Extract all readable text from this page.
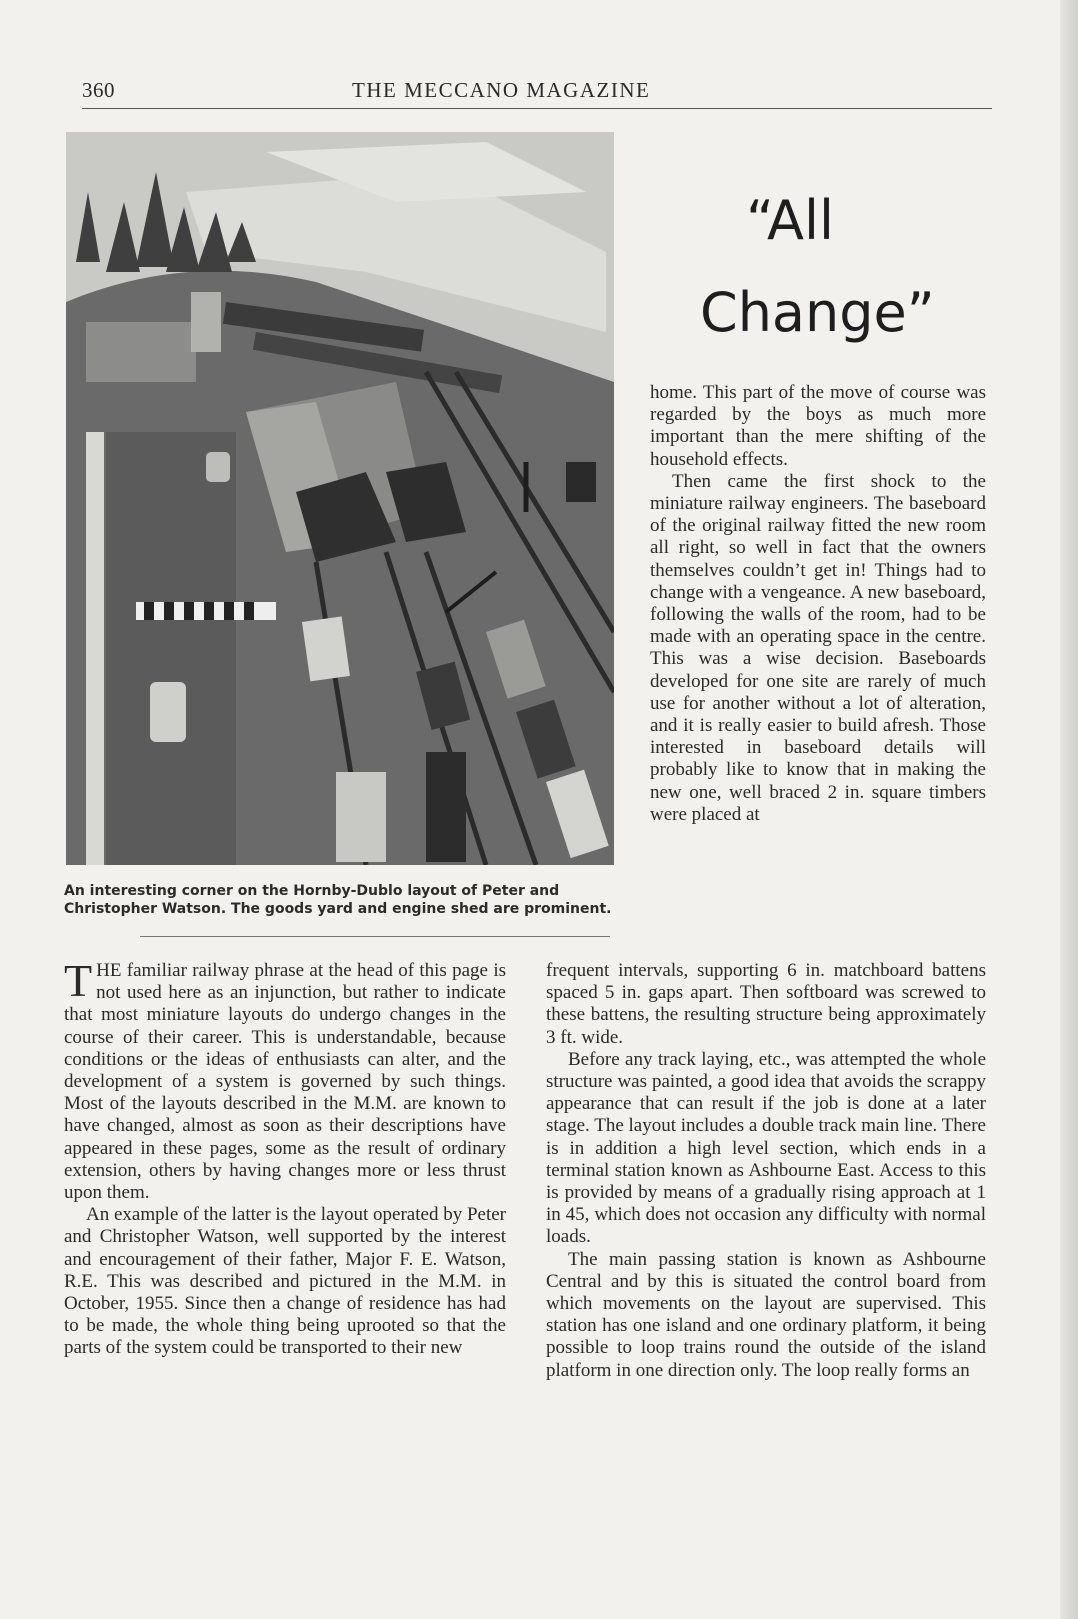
360	THE MECCANO MAGAZINE
An interesting corner on the Hornby-Dublo layout of Peter and Christopher Watson. The goods yard and engine shed are prominent.
“All
Change”

home. This part of the move of course was regarded by the boys as much more important than the mere shifting of the household effects.

Then came the first shock to the miniature railway engineers. The baseboard of the original railway fitted the new room all right, so well in fact that the owners themselves couldn’t get in! Things had to change with a vengeance. A new baseboard, following the walls of the room, had to be made with an operating space in the centre. This was a wise decision. Baseboards developed for one site are rarely of much use for another without a lot of alteration, and it is really easier to build afresh. Those interested in baseboard details will probably like to know that in making the new one, well braced 2 in. square timbers were placed at

THE familiar railway phrase at the head of this page is not used here as an injunction, but rather to indicate that most miniature layouts do undergo changes in the course of their career. This is understandable, because conditions or the ideas of enthusiasts can alter, and the development of a system is governed by such things. Most of the layouts described in the M.M. are known to have changed, almost as soon as their descriptions have appeared in these pages, some as the result of ordinary extension, others by having changes more or less thrust upon them.

An example of the latter is the layout operated by Peter and Christopher Watson, well supported by the interest and encouragement of their father, Major F. E. Watson, R.E. This was described and pictured in the M.M. in October, 1955. Since then a change of residence has had to be made, the whole thing being uprooted so that the parts of the system could be transported to their new

frequent intervals, supporting 6 in. matchboard battens spaced 5 in. gaps apart. Then softboard was screwed to these battens, the resulting structure being approximately 3 ft. wide.

Before any track laying, etc., was attempted the whole structure was painted, a good idea that avoids the scrappy appearance that can result if the job is done at a later stage. The layout includes a double track main line. There is in addition a high level section, which ends in a terminal station known as Ashbourne East. Access to this is provided by means of a gradually rising approach at 1 in 45, which does not occasion any difficulty with normal loads.

The main passing station is known as Ashbourne Central and by this is situated the control board from which movements on the layout are supervised. This station has one island and one ordinary platform, it being possible to loop trains round the outside of the island platform in one direction only. The loop really forms an
